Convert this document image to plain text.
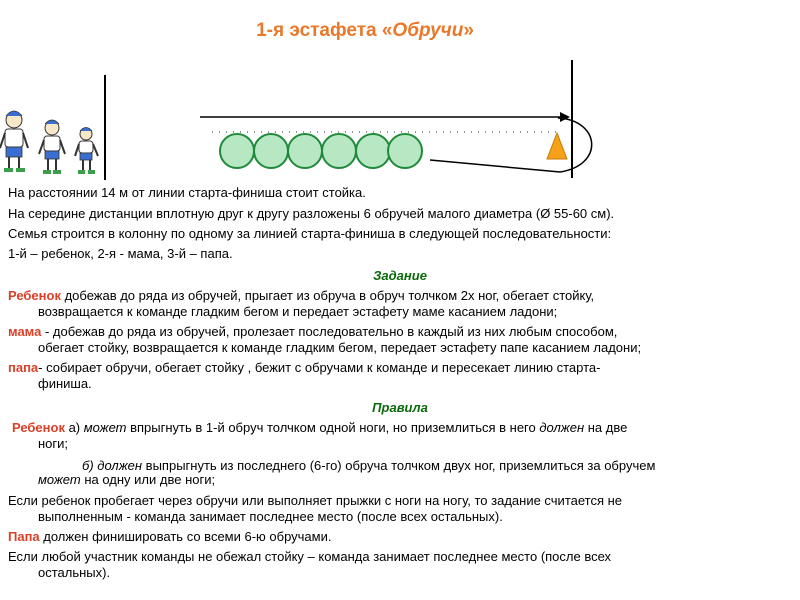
1-я эстафета «Обручи»
На расстоянии 14 м от линии старта-финиша стоит стойка.
На середине дистанции вплотную друг к другу разложены 6 обручей малого диаметра (Ø 55-60 см).
Семья строится в колонну по одному за линией старта-финиша в следующей последовательности:
1-й – ребенок, 2-я - мама, 3-й – папа.
Задание
Ребенок добежав до ряда из обручей, прыгает из обруча в обруч толчком 2х ног, обегает стойку,
возвращается к команде гладким бегом и передает эстафету маме касанием ладони;
мама - добежав до ряда из обручей, пролезает последовательно в каждый из них любым способом,
обегает стойку, возвращается к команде гладким бегом, передает эстафету папе касанием ладони;
папа- собирает обручи, обегает стойку , бежит с обручами к команде и пересекает линию старта-
финиша.
Правила
Ребенок а) может впрыгнуть в 1-й обруч толчком одной ноги, но приземлиться в него должен на две
ноги;
б) должен выпрыгнуть из последнего (6-го) обруча толчком двух ног, приземлиться за обручем
может на одну или две ноги;
Если ребенок пробегает через обручи или выполняет прыжки с ноги на ногу, то задание считается не
выполненным - команда занимает последнее место (после всех остальных).
Папа должен финишировать со всеми 6-ю обручами.
Если любой участник команды не обежал стойку – команда занимает последнее место (после всех
остальных).
